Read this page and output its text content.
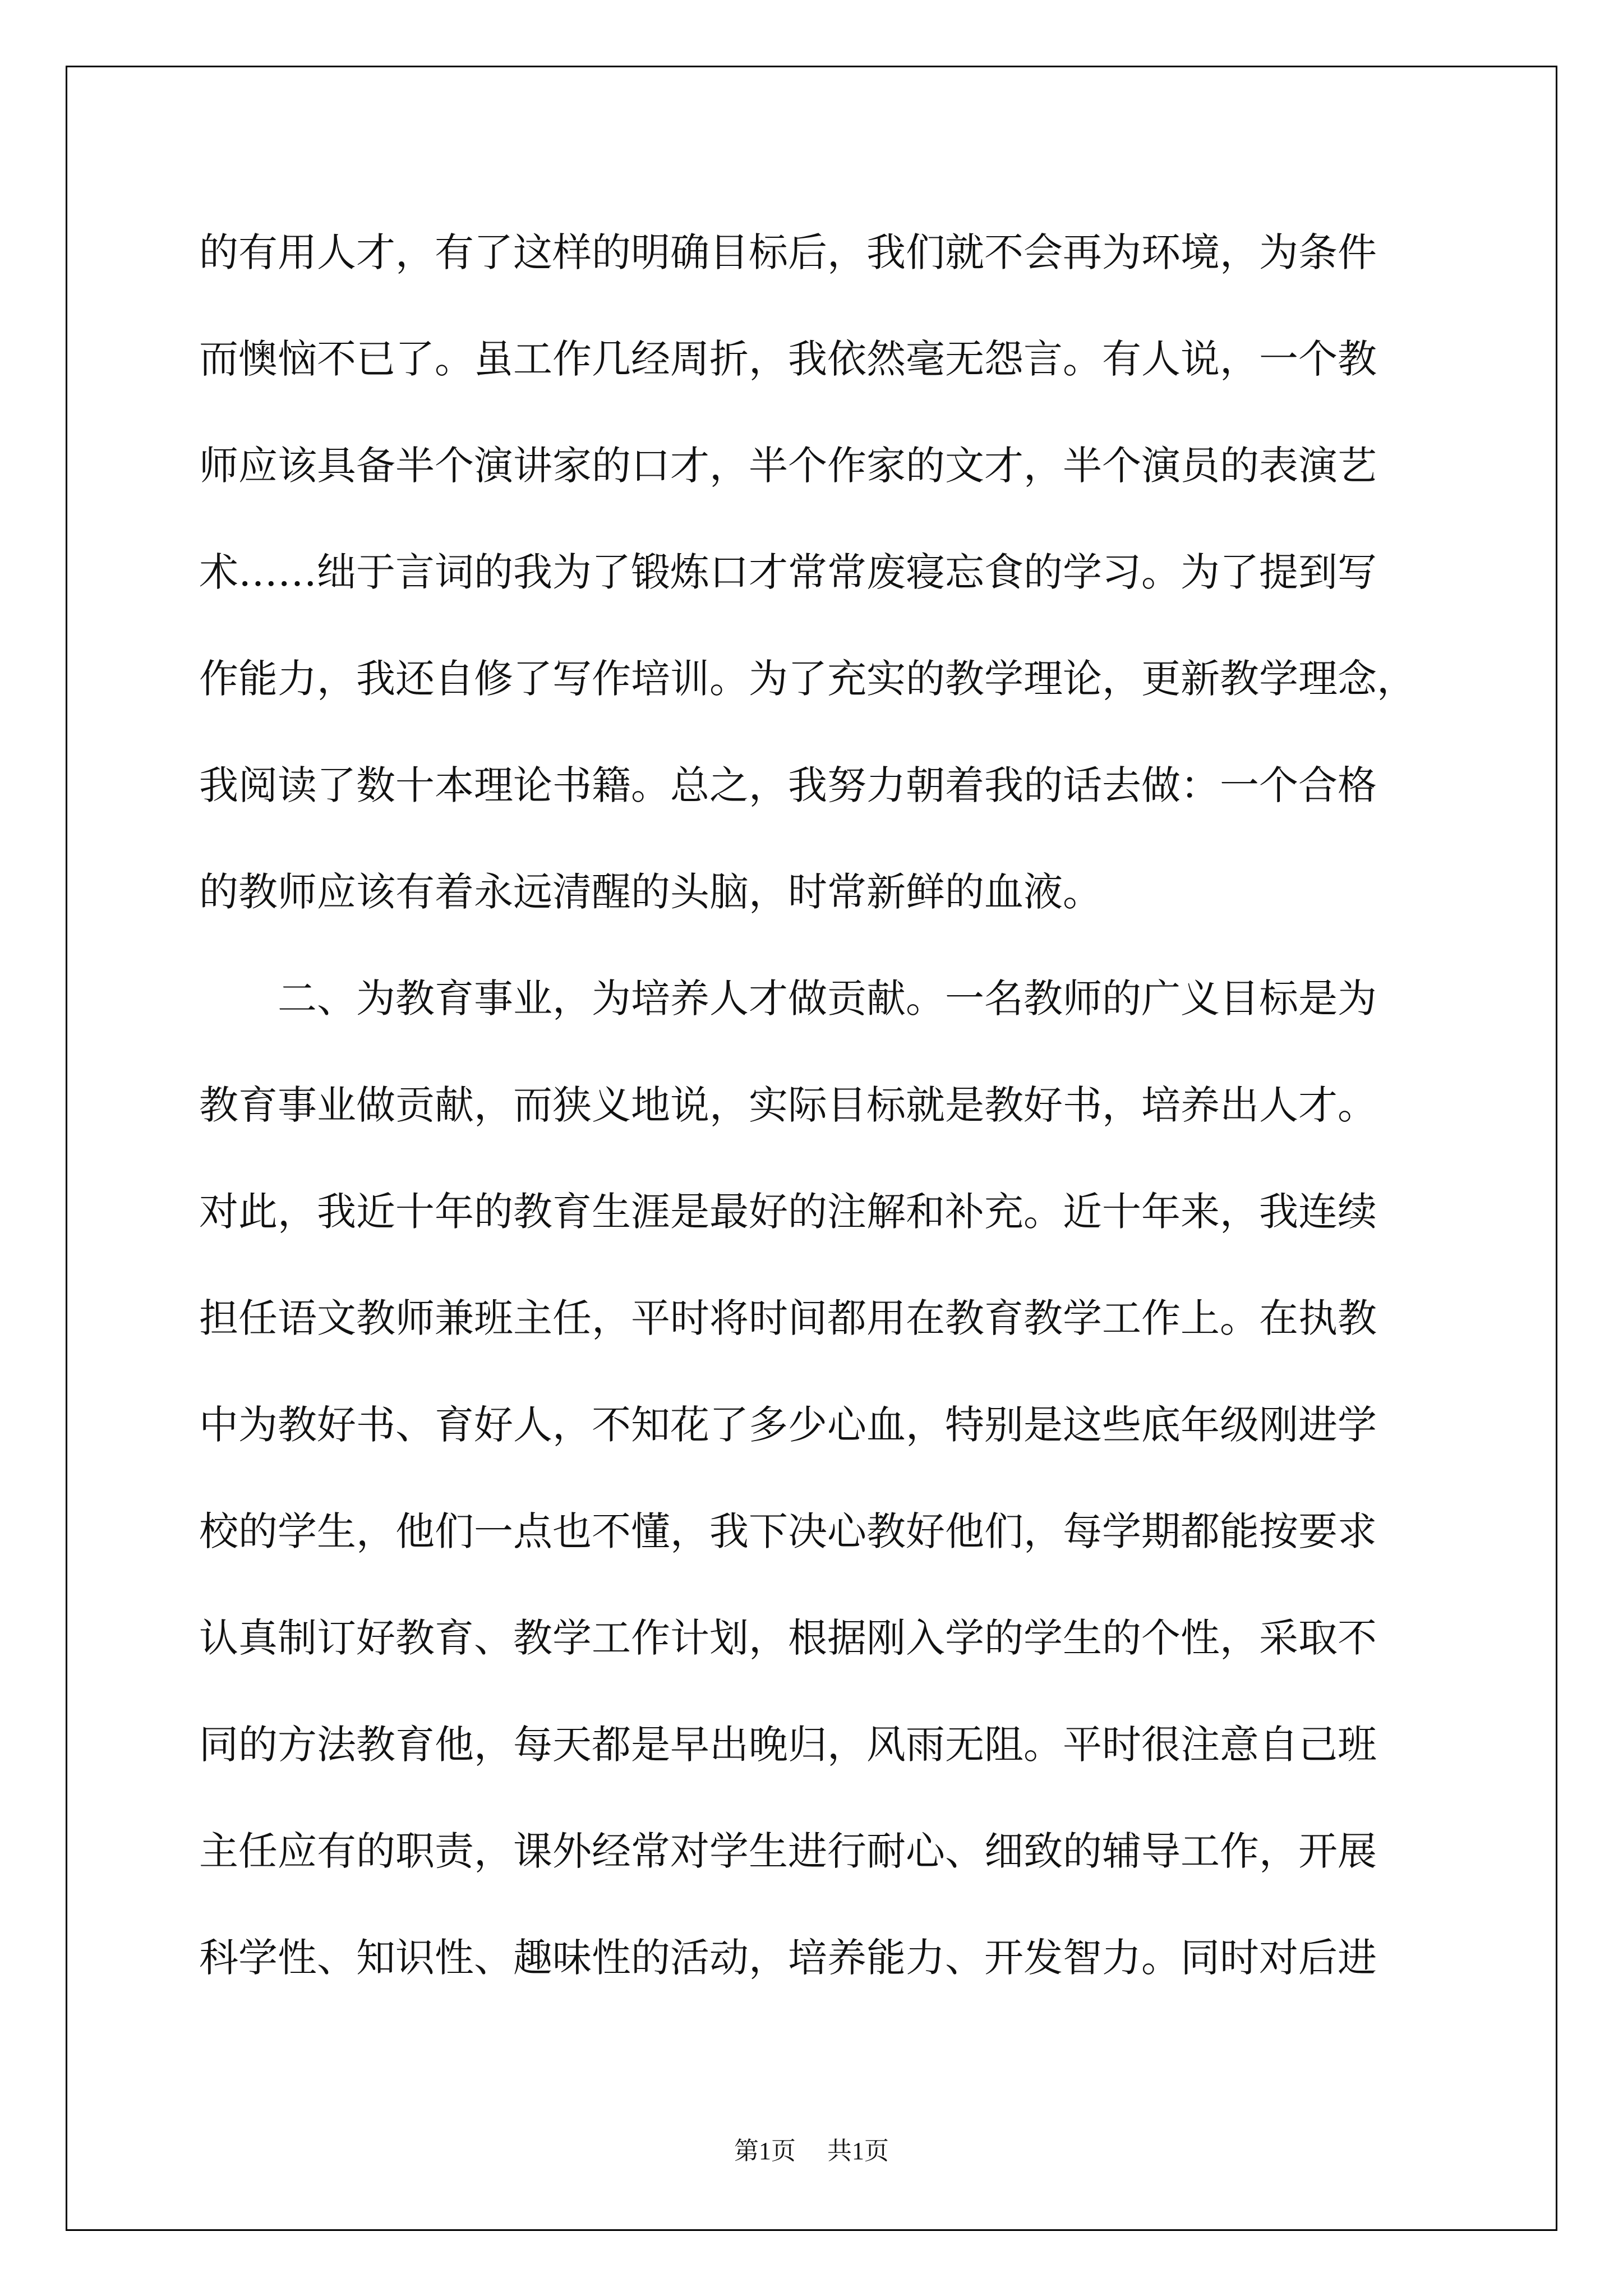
的有用人才，有了这样的明确目标后，我们就不会再为环境，为条件
而懊恼不已了。虽工作几经周折，我依然毫无怨言。有人说，一个教
师应该具备半个演讲家的口才，半个作家的文才，半个演员的表演艺
术……绌于言词的我为了锻炼口才常常废寝忘食的学习。为了提到写
作能力，我还自修了写作培训。为了充实的教学理论，更新教学理念，
我阅读了数十本理论书籍。总之，我努力朝着我的话去做：一个合格
的教师应该有着永远清醒的头脑，时常新鲜的血液。
　　二、为教育事业，为培养人才做贡献。一名教师的广义目标是为
教育事业做贡献，而狭义地说，实际目标就是教好书，培养出人才。
对此，我近十年的教育生涯是最好的注解和补充。近十年来，我连续
担任语文教师兼班主任，平时将时间都用在教育教学工作上。在执教
中为教好书、育好人，不知花了多少心血，特别是这些底年级刚进学
校的学生，他们一点也不懂，我下决心教好他们，每学期都能按要求
认真制订好教育、教学工作计划，根据刚入学的学生的个性，采取不
同的方法教育他，每天都是早出晚归，风雨无阻。平时很注意自己班
主任应有的职责，课外经常对学生进行耐心、细致的辅导工作，开展
科学性、知识性、趣味性的活动，培养能力、开发智力。同时对后进
第1页 共1页
